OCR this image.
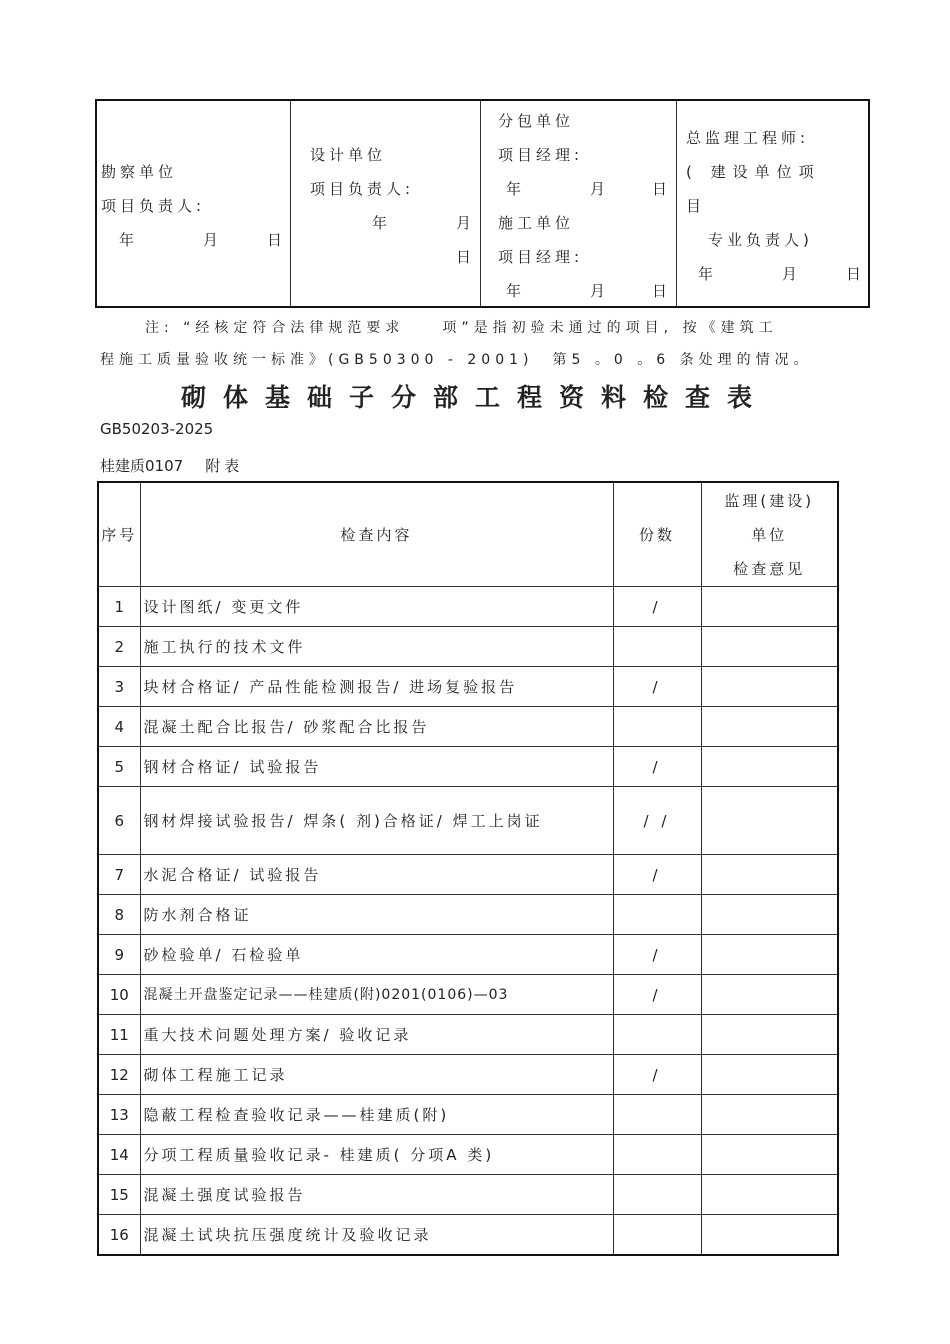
勘察单位
项目负责人:
年	月	日
设计单位
项目负责人:
年	月
日
分包单位
项目经理:
年	月	日
施工单位
项目经理:
年	月	日
总监理工程师:
( 建设单位项
目
专业负责人)
年	月	日
注: “经核定符合法律规范要求　　项”是指初验未通过的项目, 按《建筑工
程施工质量验收统一标准》(GB50300 - 2001)　第5 。0 。6 条处理的情况。
砌体基础子分部工程资料检查表
GB50203-2025
桂建质0107 附表
序号	检查内容	份数	监理(建设)
单位
检查意见

1	设计图纸/ 变更文件	/	
2	施工执行的技术文件		
3	块材合格证/ 产品性能检测报告/ 进场复验报告	/	
4	混凝土配合比报告/ 砂浆配合比报告		
5	钢材合格证/ 试验报告	/	
6	钢材焊接试验报告/ 焊条( 剂)合格证/ 焊工上岗证	/ /	
7	水泥合格证/ 试验报告	/	
8	防水剂合格证		
9	砂检验单/ 石检验单	/	
10	混凝土开盘鉴定记录——桂建质(附)0201(0106)—03	/	
11	重大技术问题处理方案/ 验收记录		
12	砌体工程施工记录	/	
13	隐蔽工程检查验收记录——桂建质(附)		
14	分项工程质量验收记录- 桂建质( 分项A 类)		
15	混凝土强度试验报告		
16	混凝土试块抗压强度统计及验收记录		
